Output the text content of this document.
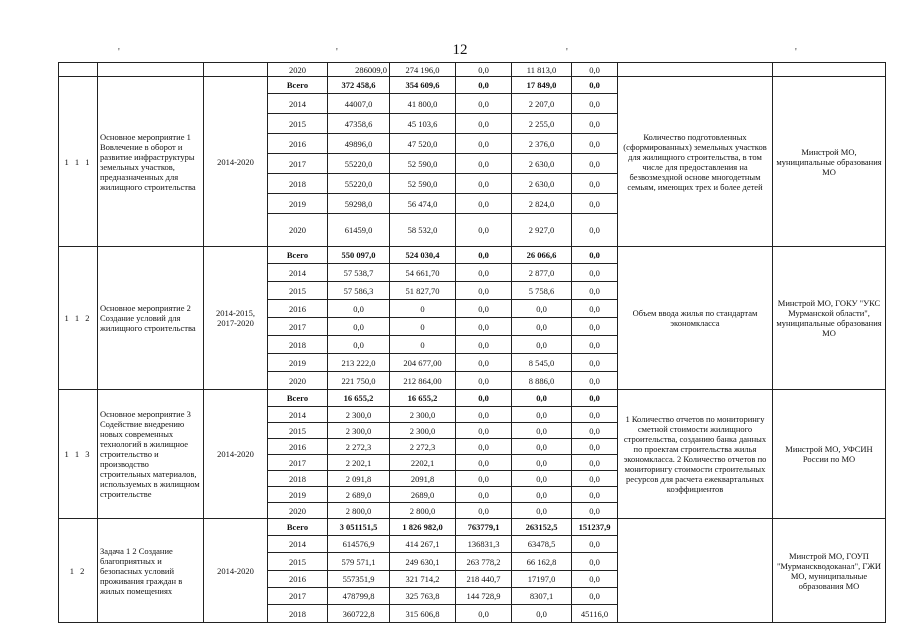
12
'	'	'	'
			2020	286009,0	274 196,0	0,0	11 813,0	0,0		
1 1 1	Основное мероприятие 1 Вовлечение в оборот и развитие инфраструктуры земельных участков, предназначенных для жилищного строительства	2014-2020	Всего	372 458,6	354 609,6	0,0	17 849,0	0,0	Количество подготовленных (сформированных) земельных участков для жилищного строительства, в том числе для предоставления на безвозмездной основе многодетным семьям, имеющих трех и более детей	Минстрой МО, муниципальные образования МО
			2014	44007,0	41 800,0	0,0	2 207,0	0,0		
			2015	47358,6	45 103,6	0,0	2 255,0	0,0		
			2016	49896,0	47 520,0	0,0	2 376,0	0,0		
			2017	55220,0	52 590,0	0,0	2 630,0	0,0		
			2018	55220,0	52 590,0	0,0	2 630,0	0,0		
			2019	59298,0	56 474,0	0,0	2 824,0	0,0		
			2020	61459,0	58 532,0	0,0	2 927,0	0,0		
1 1 2	Основное мероприятие 2 Создание условий для жилищного строительства	2014-2015, 2017-2020	Всего	550 097,0	524 030,4	0,0	26 066,6	0,0	Объем ввода жилья по стандартам экономкласса	Минстрой МО, ГОКУ "УКС Мурманской области", муниципальные образования МО
			2014	57 538,7	54 661,70	0,0	2 877,0	0,0		
			2015	57 586,3	51 827,70	0,0	5 758,6	0,0		
			2016	0,0	0	0,0	0,0	0,0		
			2017	0,0	0	0,0	0,0	0,0		
			2018	0,0	0	0,0	0,0	0,0		
			2019	213 222,0	204 677,00	0,0	8 545,0	0,0		
			2020	221 750,0	212 864,00	0,0	8 886,0	0,0		
1 1 3	Основное мероприятие 3 Содействие внедрению новых современных технологий в жилищное строительство и производство строительных материалов, используемых в жилищном строительстве	2014-2020	Всего	16 655,2	16 655,2	0,0	0,0	0,0	1 Количество отчетов по мониторингу сметной стоимости жилищного строительства, созданию банка данных по проектам строительства жилья экономкласса. 2 Количество отчетов по мониторингу стоимости строительных ресурсов для расчета ежеквартальных коэффициентов	Минстрой МО, УФСИН России по МО
			2014	2 300,0	2 300,0	0,0	0,0	0,0		
			2015	2 300,0	2 300,0	0,0	0,0	0,0		
			2016	2 272,3	2 272,3	0,0	0,0	0,0		
			2017	2 202,1	2202,1	0,0	0,0	0,0		
			2018	2 091,8	2091,8	0,0	0,0	0,0		
			2019	2 689,0	2689,0	0,0	0,0	0,0		
			2020	2 800,0	2 800,0	0,0	0,0	0,0		
1 2	Задача 1 2 Создание благоприятных и безопасных условий проживания граждан в жилых помещениях	2014-2020	Всего	3 051151,5	1 826 982,0	763779,1	263152,5	151237,9		Минстрой МО, ГОУП "Мурманскводоканал", ГЖИ МО, муниципальные образования МО
			2014	614576,9	414 267,1	136831,3	63478,5	0,0		
			2015	579 571,1	249 630,1	263 778,2	66 162,8	0,0		
			2016	557351,9	321 714,2	218 440,7	17197,0	0,0		
			2017	478799,8	325 763,8	144 728,9	8307,1	0,0		
			2018	360722,8	315 606,8	0,0	0,0	45116,0		
